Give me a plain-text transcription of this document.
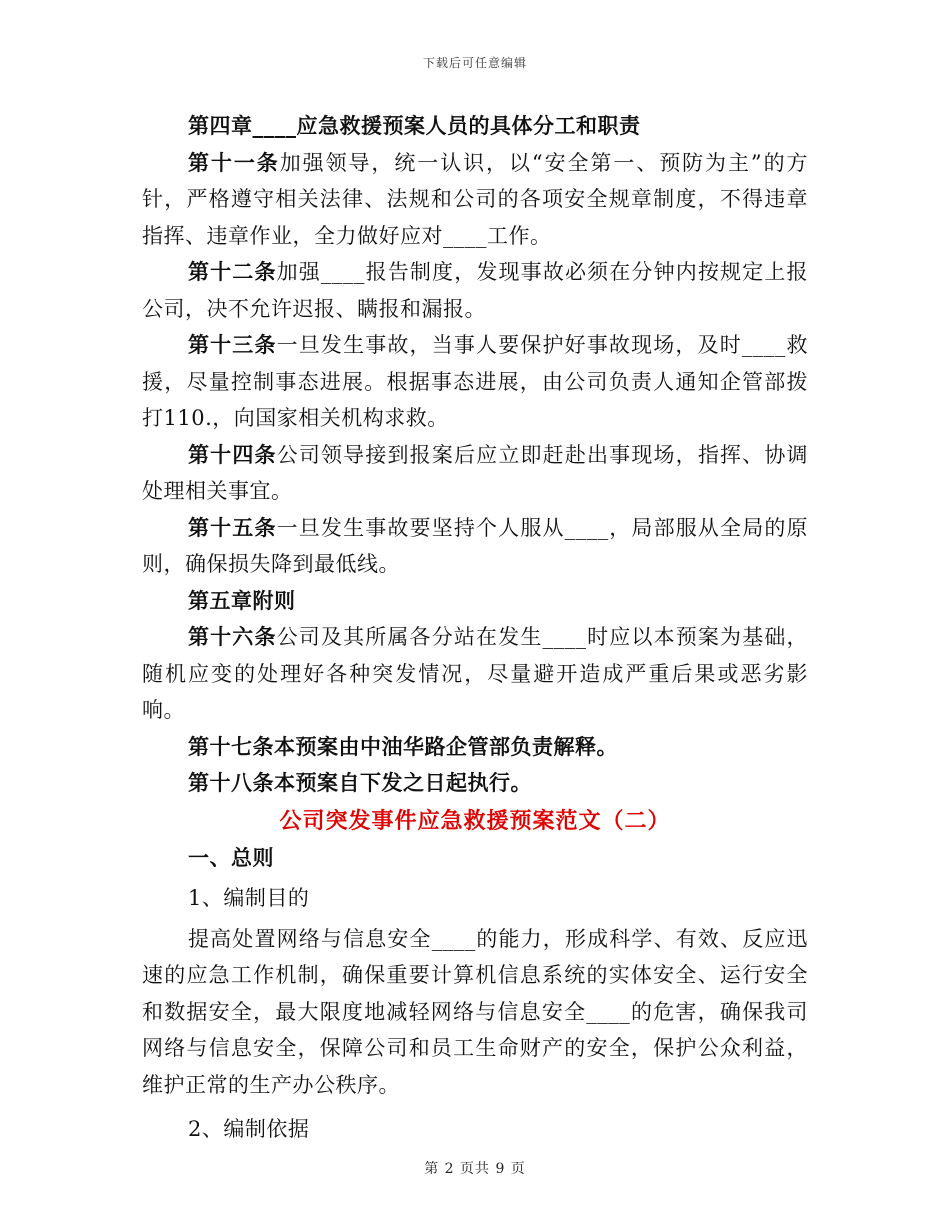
下载后可任意编辑

第四章____应急救援预案人员的具体分工和职责

第十一条加强领导，统一认识，以“安全第一、预防为主”的方针，严格遵守相关法律、法规和公司的各项安全规章制度，不得违章指挥、违章作业，全力做好应对____工作。

第十二条加强____报告制度，发现事故必须在分钟内按规定上报公司，决不允许迟报、瞒报和漏报。

第十三条一旦发生事故，当事人要保护好事故现场，及时____救援，尽量控制事态进展。根据事态进展，由公司负责人通知企管部拨打110.，向国家相关机构求救。

第十四条公司领导接到报案后应立即赶赴出事现场，指挥、协调处理相关事宜。

第十五条一旦发生事故要坚持个人服从____，局部服从全局的原则，确保损失降到最低线。

第五章附则

第十六条公司及其所属各分站在发生____时应以本预案为基础，随机应变的处理好各种突发情况，尽量避开造成严重后果或恶劣影响。

第十七条本预案由中油华路企管部负责解释。

第十八条本预案自下发之日起执行。

公司突发事件应急救援预案范文（二）

一、总则

1、编制目的

提高处置网络与信息安全____的能力，形成科学、有效、反应迅速的应急工作机制，确保重要计算机信息系统的实体安全、运行安全和数据安全，最大限度地减轻网络与信息安全____的危害，确保我司网络与信息安全，保障公司和员工生命财产的安全，保护公众利益，维护正常的生产办公秩序。

2、编制依据

第 2 页共 9 页
